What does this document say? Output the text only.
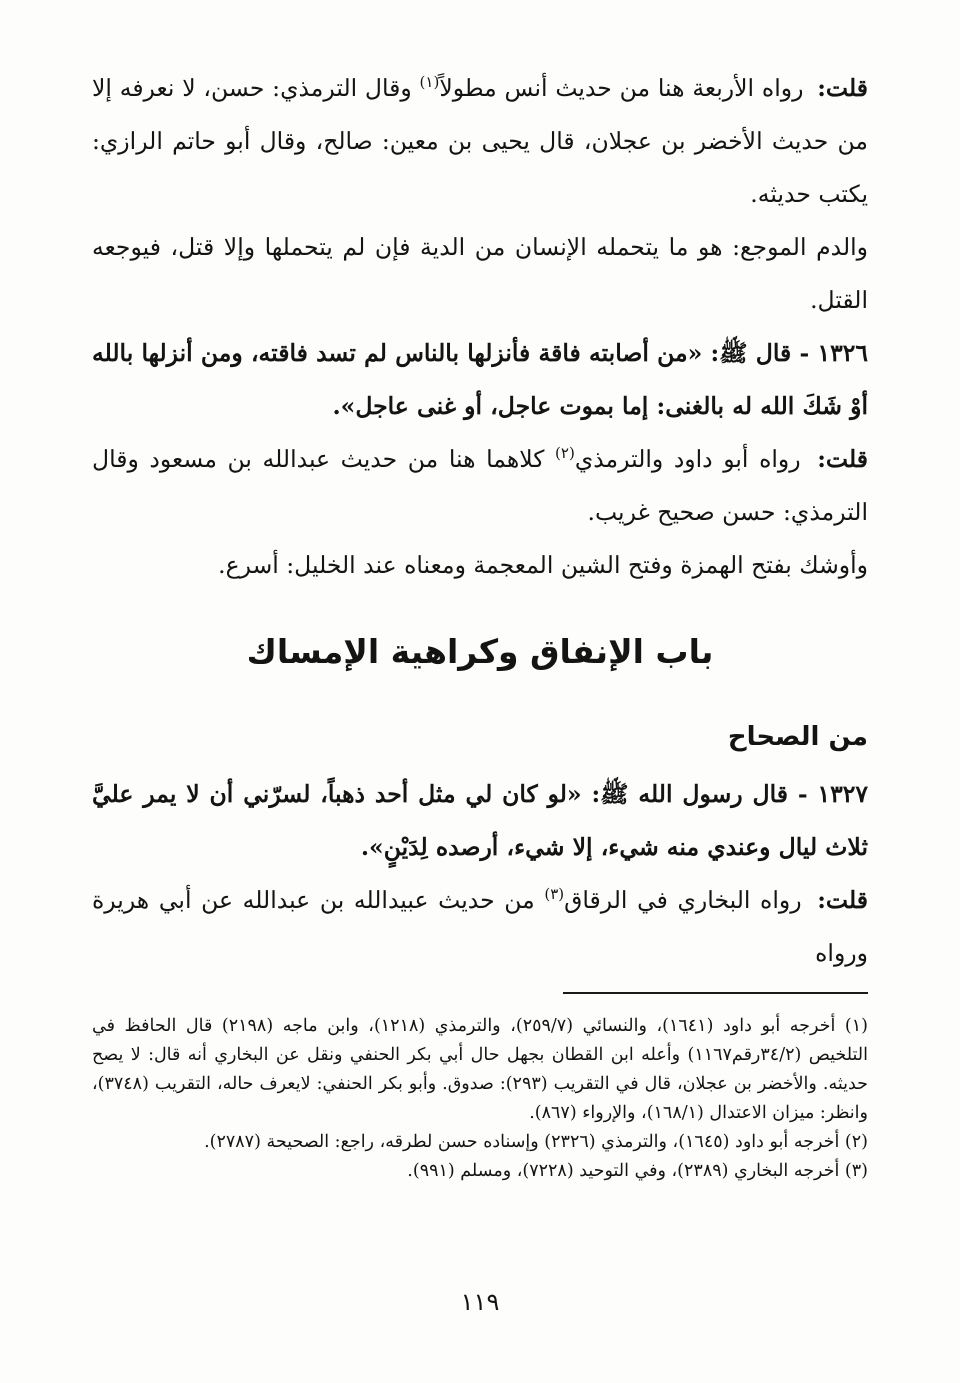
قلت: رواه الأربعة هنا من حديث أنس مطولاً$^{(١)}$ وقال الترمذي: حسن، لا نعرفه إلا من حديث الأخضر بن عجلان، قال يحيى بن معين: صالح، وقال أبو حاتم الرازي: يكتب حديثه.

والدم الموجع: هو ما يتحمله الإنسان من الدية فإن لم يتحملها وإلا قتل، فيوجعه القتل.

١٣٢٦ - قال ﷺ: «من أصابته فاقة فأنزلها بالناس لم تسد فاقته، ومن أنزلها بالله أوْ شَكَ الله له بالغنى: إما بموت عاجل، أو غنى عاجل».

قلت: رواه أبو داود والترمذي$^{(٢)}$ كلاهما هنا من حديث عبدالله بن مسعود وقال الترمذي: حسن صحيح غريب.

وأوشك بفتح الهمزة وفتح الشين المعجمة ومعناه عند الخليل: أسرع.

باب الإنفاق وكراهية الإمساك
من الصحاح

١٣٢٧ - قال رسول الله ﷺ: «لو كان لي مثل أحد ذهباً، لسرّني أن لا يمر عليَّ ثلاث ليال وعندي منه شيء، إلا شيء، أرصده لِدَيْنٍ».

قلت: رواه البخاري في الرقاق$^{(٣)}$ من حديث عبيدالله بن عبدالله عن أبي هريرة ورواه

(١) أخرجه أبو داود (١٦٤١)، والنسائي (٢٥٩/٧)، والترمذي (١٢١٨)، وابن ماجه (٢١٩٨) قال الحافظ في التلخيص (٣٤/٢رقم١١٦٧) وأعله ابن القطان بجهل حال أبي بكر الحنفي ونقل عن البخاري أنه قال: لا يصح حديثه. والأخضر بن عجلان، قال في التقريب (٢٩٣): صدوق. وأبو بكر الحنفي: لايعرف حاله، التقريب (٣٧٤٨)، وانظر: ميزان الاعتدال (١٦٨/١)، والإرواء (٨٦٧).

(٢) أخرجه أبو داود (١٦٤٥)، والترمذي (٢٣٢٦) وإسناده حسن لطرقه، راجع: الصحيحة (٢٧٨٧).

(٣) أخرجه البخاري (٢٣٨٩)، وفي التوحيد (٧٢٢٨)، ومسلم (٩٩١).

١١٩
